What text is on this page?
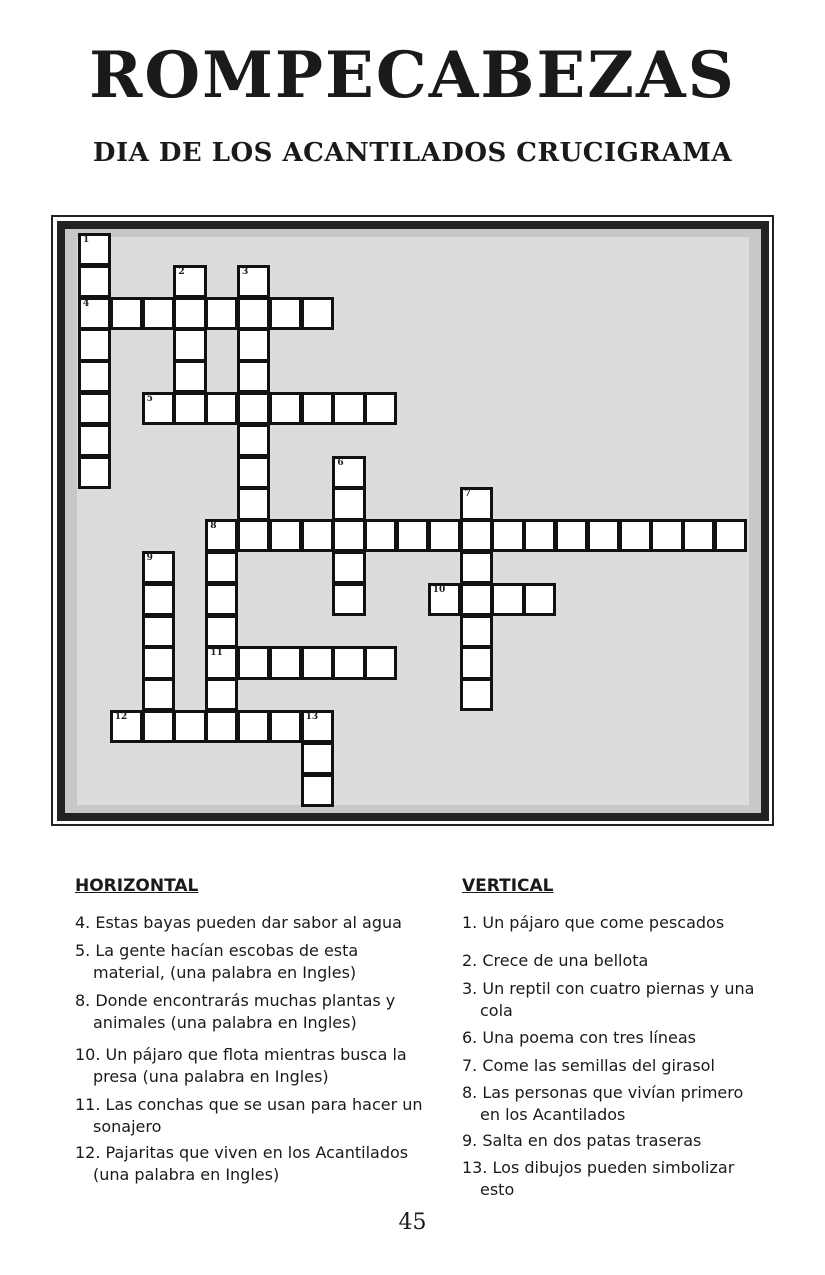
ROMPECABEZAS
DIA DE LOS ACANTILADOS CRUCIGRAMA
1
4
2	3
5
6
7
8
11
9
10
12	13
HORIZONTAL
4. Estas bayas pueden dar sabor al agua
5. La gente hacían escobas de esta material, (una palabra en Ingles)
8. Donde encontrarás muchas plantas y animales (una palabra en Ingles)
10. Un pájaro que flota mientras busca la presa (una palabra en Ingles)
11. Las conchas que se usan para hacer un sonajero
12. Pajaritas que viven en los Acantilados (una palabra en Ingles)
VERTICAL
1. Un pájaro que come pescados
2. Crece de una bellota
3. Un reptil con cuatro piernas y una cola
6. Una poema con tres líneas
7. Come las semillas del girasol
8. Las personas que vivían primero en los Acantilados
9. Salta en dos patas traseras
13. Los dibujos pueden simbolizar esto
45
